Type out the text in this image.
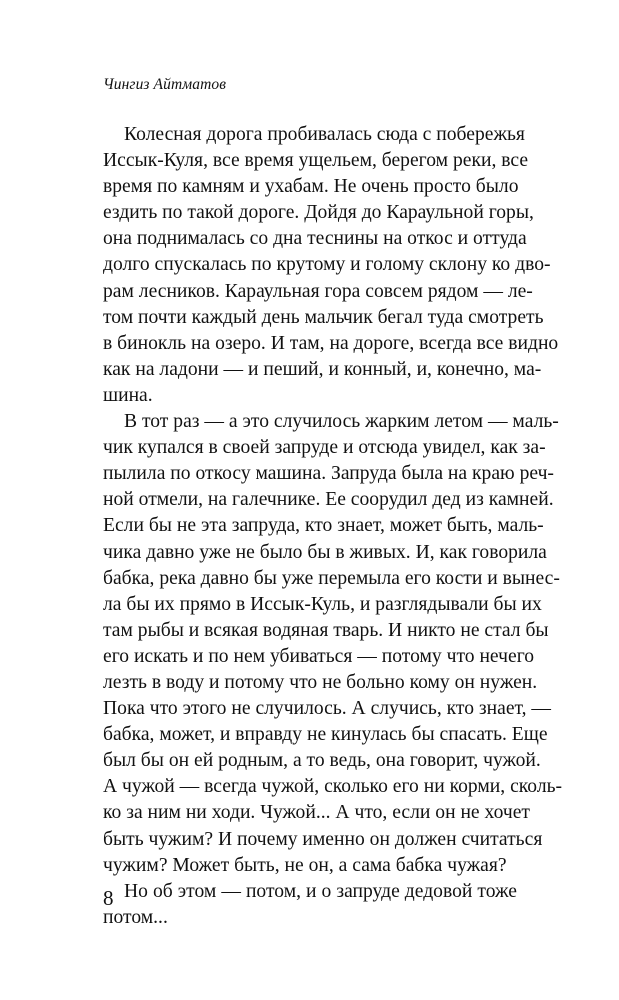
Чингиз Айтматов
Колесная дорога пробивалась сюда с побережья
Иссык-Куля, все время ущельем, берегом реки, все
время по камням и ухабам. Не очень просто было
ездить по такой дороге. Дойдя до Караульной горы,
она поднималась со дна теснины на откос и оттуда
долго спускалась по крутому и голому склону ко дво-
рам лесников. Караульная гора совсем рядом — ле-
том почти каждый день мальчик бегал туда смотреть
в бинокль на озеро. И там, на дороге, всегда все видно
как на ладони — и пеший, и конный, и, конечно, ма-
шина.
В тот раз — а это случилось жарким летом — маль-
чик купался в своей запруде и отсюда увидел, как за-
пылила по откосу машина. Запруда была на краю реч-
ной отмели, на галечнике. Ее соорудил дед из камней.
Если бы не эта запруда, кто знает, может быть, маль-
чика давно уже не было бы в живых. И, как говорила
бабка, река давно бы уже перемыла его кости и вынес-
ла бы их прямо в Иссык-Куль, и разглядывали бы их
там рыбы и всякая водяная тварь. И никто не стал бы
его искать и по нем убиваться — потому что нечего
лезть в воду и потому что не больно кому он нужен.
Пока что этого не случилось. А случись, кто знает, —
бабка, может, и вправду не кинулась бы спасать. Еще
был бы он ей родным, а то ведь, она говорит, чужой.
А чужой — всегда чужой, сколько его ни корми, сколь-
ко за ним ни ходи. Чужой... А что, если он не хочет
быть чужим? И почему именно он должен считаться
чужим? Может быть, не он, а сама бабка чужая?
Но об этом — потом, и о запруде дедовой тоже
потом...
8
